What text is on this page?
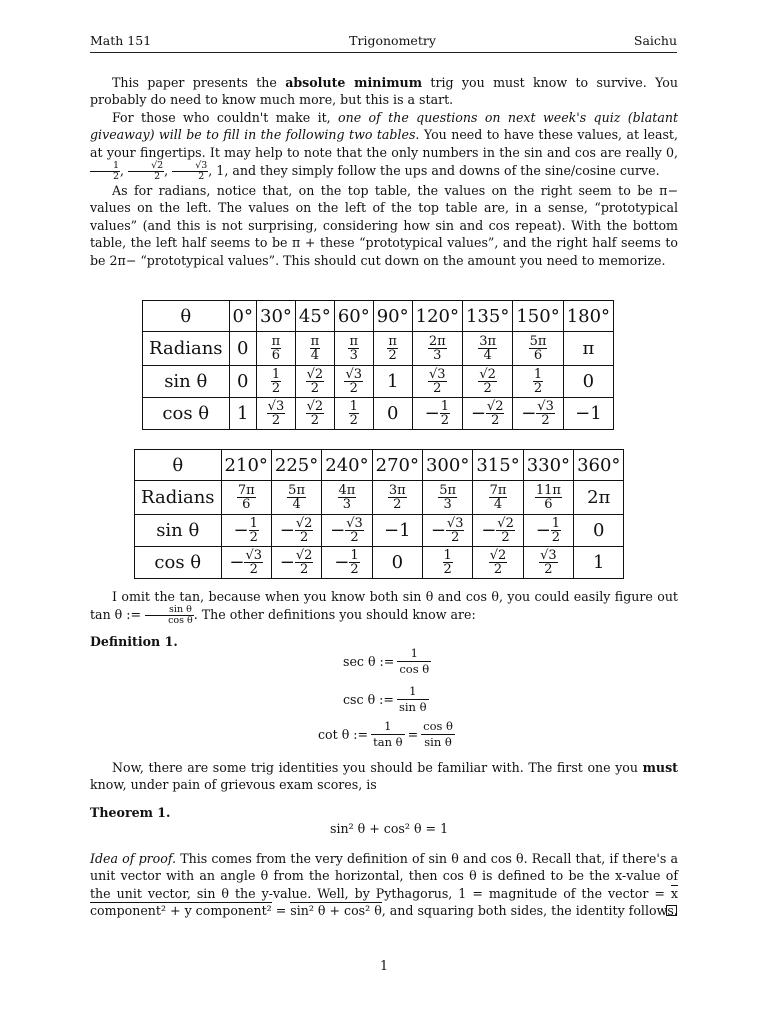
Math 151	Trigonometry	Saichu

This paper presents the absolute minimum trig you must know to survive. You probably do need to know much more, but this is a start.

For those who couldn't make it, one of the questions on next week's quiz (blatant giveaway) will be to fill in the following two tables. You need to have these values, at least, at your fingertips. It may help to note that the only numbers in the sin and cos are really 0,
$\frac{1}{2}$ , $\frac{√2}{2}$ , $\frac{√3}{2}$ , 1, and they simply follow the ups and downs of the sine/cosine curve.

As for radians, notice that, on the top table, the values on the right seem to be π− values on the left. The values on the left of the top table are, in a sense, “prototypical values” (and this is not surprising, considering how sin and cos repeat). With the bottom table, the left half seems to be π + these “prototypical values”, and the right half seems to be 2π− “prototypical values”. This should cut down on the amount you need to memorize.

θ	0°	30°	45°	60°	90°	120°	135°	150°	180°
Radians	0	$\frac{\pi}{6}$	$\frac{\pi}{4}$	$\frac{\pi}{3}$	$\frac{\pi}{2}$	$\frac{2\pi}{3}$	$\frac{3\pi}{4}$	$\frac{5\pi}{6}$	π
sin θ	0	$\frac{1}{2}$	$\frac{√2}{2}$	$\frac{√3}{2}$	1	$\frac{√3}{2}$	$\frac{√2}{2}$	$\frac{1}{2}$	0
cos θ	1	$\frac{√3}{2}$	$\frac{√2}{2}$	$\frac{1}{2}$	0	− $\frac{1}{2}$	− $\frac{√2}{2}$	− $\frac{√3}{2}$	−1
θ	210°	225°	240°	270°	300°	315°	330°	360°
Radians	$\frac{7\pi}{6}$	$\frac{5\pi}{4}$	$\frac{4\pi}{3}$	$\frac{3\pi}{2}$	$\frac{5\pi}{3}$	$\frac{7\pi}{4}$	$\frac{11\pi}{6}$	2π
sin θ	− $\frac{1}{2}$	− $\frac{√2}{2}$	− $\frac{√3}{2}$	−1	− $\frac{√3}{2}$	− $\frac{√2}{2}$	− $\frac{1}{2}$	0
cos θ	− $\frac{√3}{2}$	− $\frac{√2}{2}$	− $\frac{1}{2}$	0	$\frac{1}{2}$	$\frac{√2}{2}$	$\frac{√3}{2}$	1
I omit the tan, because when you know both sin θ and cos θ, you could easily figure out tan θ := $\frac{\text{sin θ}}{\text{cos θ}}$ . The other definitions you should know are:
Definition 1.
sec θ := $\frac{1}{\text{cos θ}}$
csc θ := $\frac{1}{\text{sin θ}}$
cot θ := $\frac{1}{\text{tan θ}} = \frac{\text{cos θ}}{\text{sin θ}}$
Now, there are some trig identities you should be familiar with. The first one you must know, under pain of grievous exam scores, is
Theorem 1.
sin² θ + cos² θ = 1
Idea of proof. This comes from the very definition of sin θ and cos θ. Recall that, if there's a unit vector with an angle θ from the horizontal, then cos θ is defined to be the x-value of the unit vector, sin θ the y-value. Well, by Pythagorus, 1 = magnitude of the vector = x component² + y component² = sin² θ + cos² θ, and squaring both sides, the identity follows.
1
